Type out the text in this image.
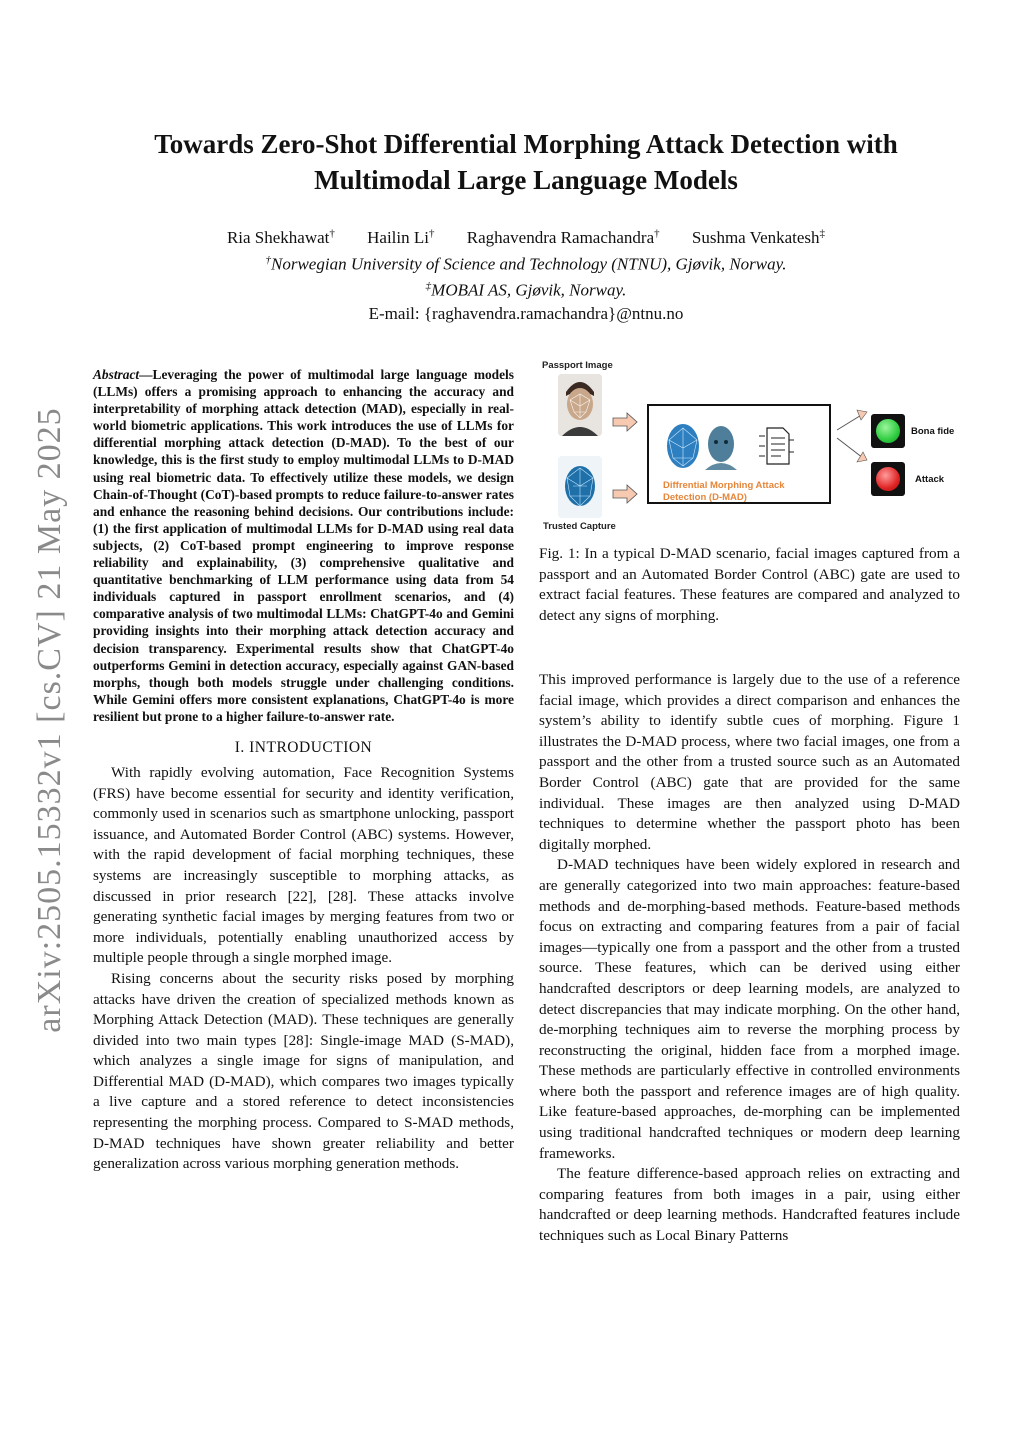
arXiv:2505.15332v1 [cs.CV] 21 May 2025
Towards Zero-Shot Differential Morphing Attack Detection with
Multimodal Large Language Models
Ria Shekhawat† Hailin Li† Raghavendra Ramachandra† Sushma Venkatesh‡
†Norwegian University of Science and Technology (NTNU), Gjøvik, Norway.
‡MOBAI AS, Gjøvik, Norway.
E-mail: {raghavendra.ramachandra}@ntnu.no
Abstract—Leveraging the power of multimodal large language models (LLMs) offers a promising approach to enhancing the accuracy and interpretability of morphing attack detection (MAD), especially in real-world biometric applications. This work introduces the use of LLMs for differential morphing attack detection (D-MAD). To the best of our knowledge, this is the first study to employ multimodal LLMs to D-MAD using real biometric data. To effectively utilize these models, we design Chain-of-Thought (CoT)-based prompts to reduce failure-to-answer rates and enhance the reasoning behind decisions. Our contributions include: (1) the first application of multimodal LLMs for D-MAD using real data subjects, (2) CoT-based prompt engineering to improve response reliability and explainability, (3) comprehensive qualitative and quantitative benchmarking of LLM performance using data from 54 individuals captured in passport enrollment scenarios, and (4) comparative analysis of two multimodal LLMs: ChatGPT-4o and Gemini providing insights into their morphing attack detection accuracy and decision transparency. Experimental results show that ChatGPT-4o outperforms Gemini in detection accuracy, especially against GAN-based morphs, though both models struggle under challenging conditions. While Gemini offers more consistent explanations, ChatGPT-4o is more resilient but prone to a higher failure-to-answer rate.
I. INTRODUCTION

With rapidly evolving automation, Face Recognition Systems (FRS) have become essential for security and identity verification, commonly used in scenarios such as smartphone unlocking, passport issuance, and Automated Border Control (ABC) systems. However, with the rapid development of facial morphing techniques, these systems are increasingly susceptible to morphing attacks, as discussed in prior research [22], [28]. These attacks involve generating synthetic facial images by merging features from two or more individuals, potentially enabling unauthorized access by multiple people through a single morphed image.

Rising concerns about the security risks posed by morphing attacks have driven the creation of specialized methods known as Morphing Attack Detection (MAD). These techniques are generally divided into two main types [28]: Single-image MAD (S-MAD), which analyzes a single image for signs of manipulation, and Differential MAD (D-MAD), which compares two images typically a live capture and a stored reference to detect inconsistencies representing the morphing process. Compared to S-MAD methods, D-MAD techniques have shown greater reliability and better generalization across various morphing generation methods.

Passport Image
Trusted Capture
Diffrential Morphing Attack Detection (D-MAD)
Bona fide
Attack
Fig. 1: In a typical D-MAD scenario, facial images captured from a passport and an Automated Border Control (ABC) gate are used to extract facial features. These features are compared and analyzed to detect any signs of morphing.

This improved performance is largely due to the use of a reference facial image, which provides a direct comparison and enhances the system’s ability to identify subtle cues of morphing. Figure 1 illustrates the D-MAD process, where two facial images, one from a passport and the other from a trusted source such as an Automated Border Control (ABC) gate that are provided for the same individual. These images are then analyzed using D-MAD techniques to determine whether the passport photo has been digitally morphed.

D-MAD techniques have been widely explored in research and are generally categorized into two main approaches: feature-based methods and de-morphing-based methods. Feature-based methods focus on extracting and comparing features from a pair of facial images—typically one from a passport and the other from a trusted source. These features, which can be derived using either handcrafted descriptors or deep learning models, are analyzed to detect discrepancies that may indicate morphing. On the other hand, de-morphing techniques aim to reverse the morphing process by reconstructing the original, hidden face from a morphed image. These methods are particularly effective in controlled environments where both the passport and reference images are of high quality. Like feature-based approaches, de-morphing can be implemented using traditional handcrafted techniques or modern deep learning frameworks.

The feature difference-based approach relies on extracting and comparing features from both images in a pair, using either handcrafted or deep learning methods. Handcrafted features include techniques such as Local Binary Patterns
